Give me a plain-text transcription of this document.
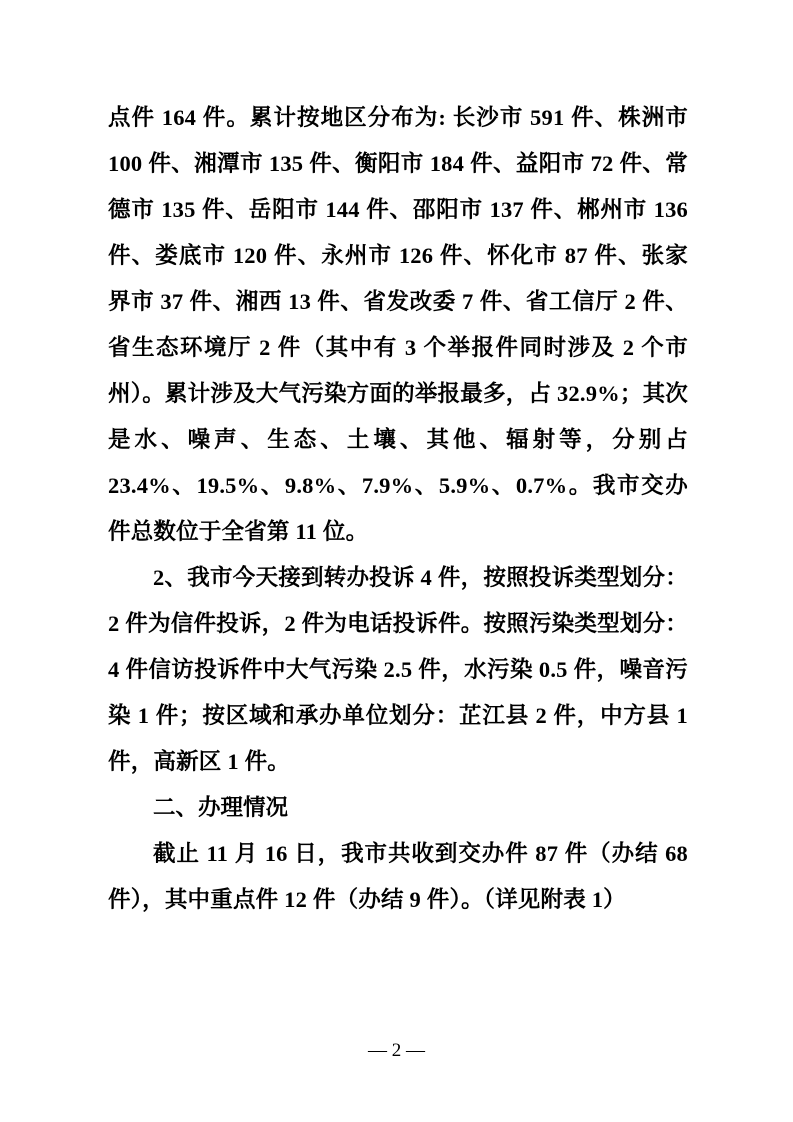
点件 164 件。累计按地区分布为: 长沙市 591 件、株洲市 100 件、湘潭市 135 件、衡阳市 184 件、益阳市 72 件、常德市 135 件、岳阳市 144 件、邵阳市 137 件、郴州市 136 件、娄底市 120 件、永州市 126 件、怀化市 87 件、张家界市 37 件、湘西 13 件、省发改委 7 件、省工信厅 2 件、省生态环境厅 2 件（其中有 3 个举报件同时涉及 2 个市州）。累计涉及大气污染方面的举报最多，占 32.9%；其次是水、噪声、生态、土壤、其他、辐射等，分别占 23.4%、19.5%、9.8%、7.9%、5.9%、0.7%。我市交办件总数位于全省第 11 位。

2、我市今天接到转办投诉 4 件，按照投诉类型划分：2 件为信件投诉，2 件为电话投诉件。按照污染类型划分：4 件信访投诉件中大气污染 2.5 件，水污染 0.5 件，噪音污染 1 件；按区域和承办单位划分：芷江县 2 件，中方县 1 件，高新区 1 件。

二、办理情况

截止 11 月 16 日，我市共收到交办件 87 件（办结 68 件），其中重点件 12 件（办结 9 件）。（详见附表 1）

— 2 —
